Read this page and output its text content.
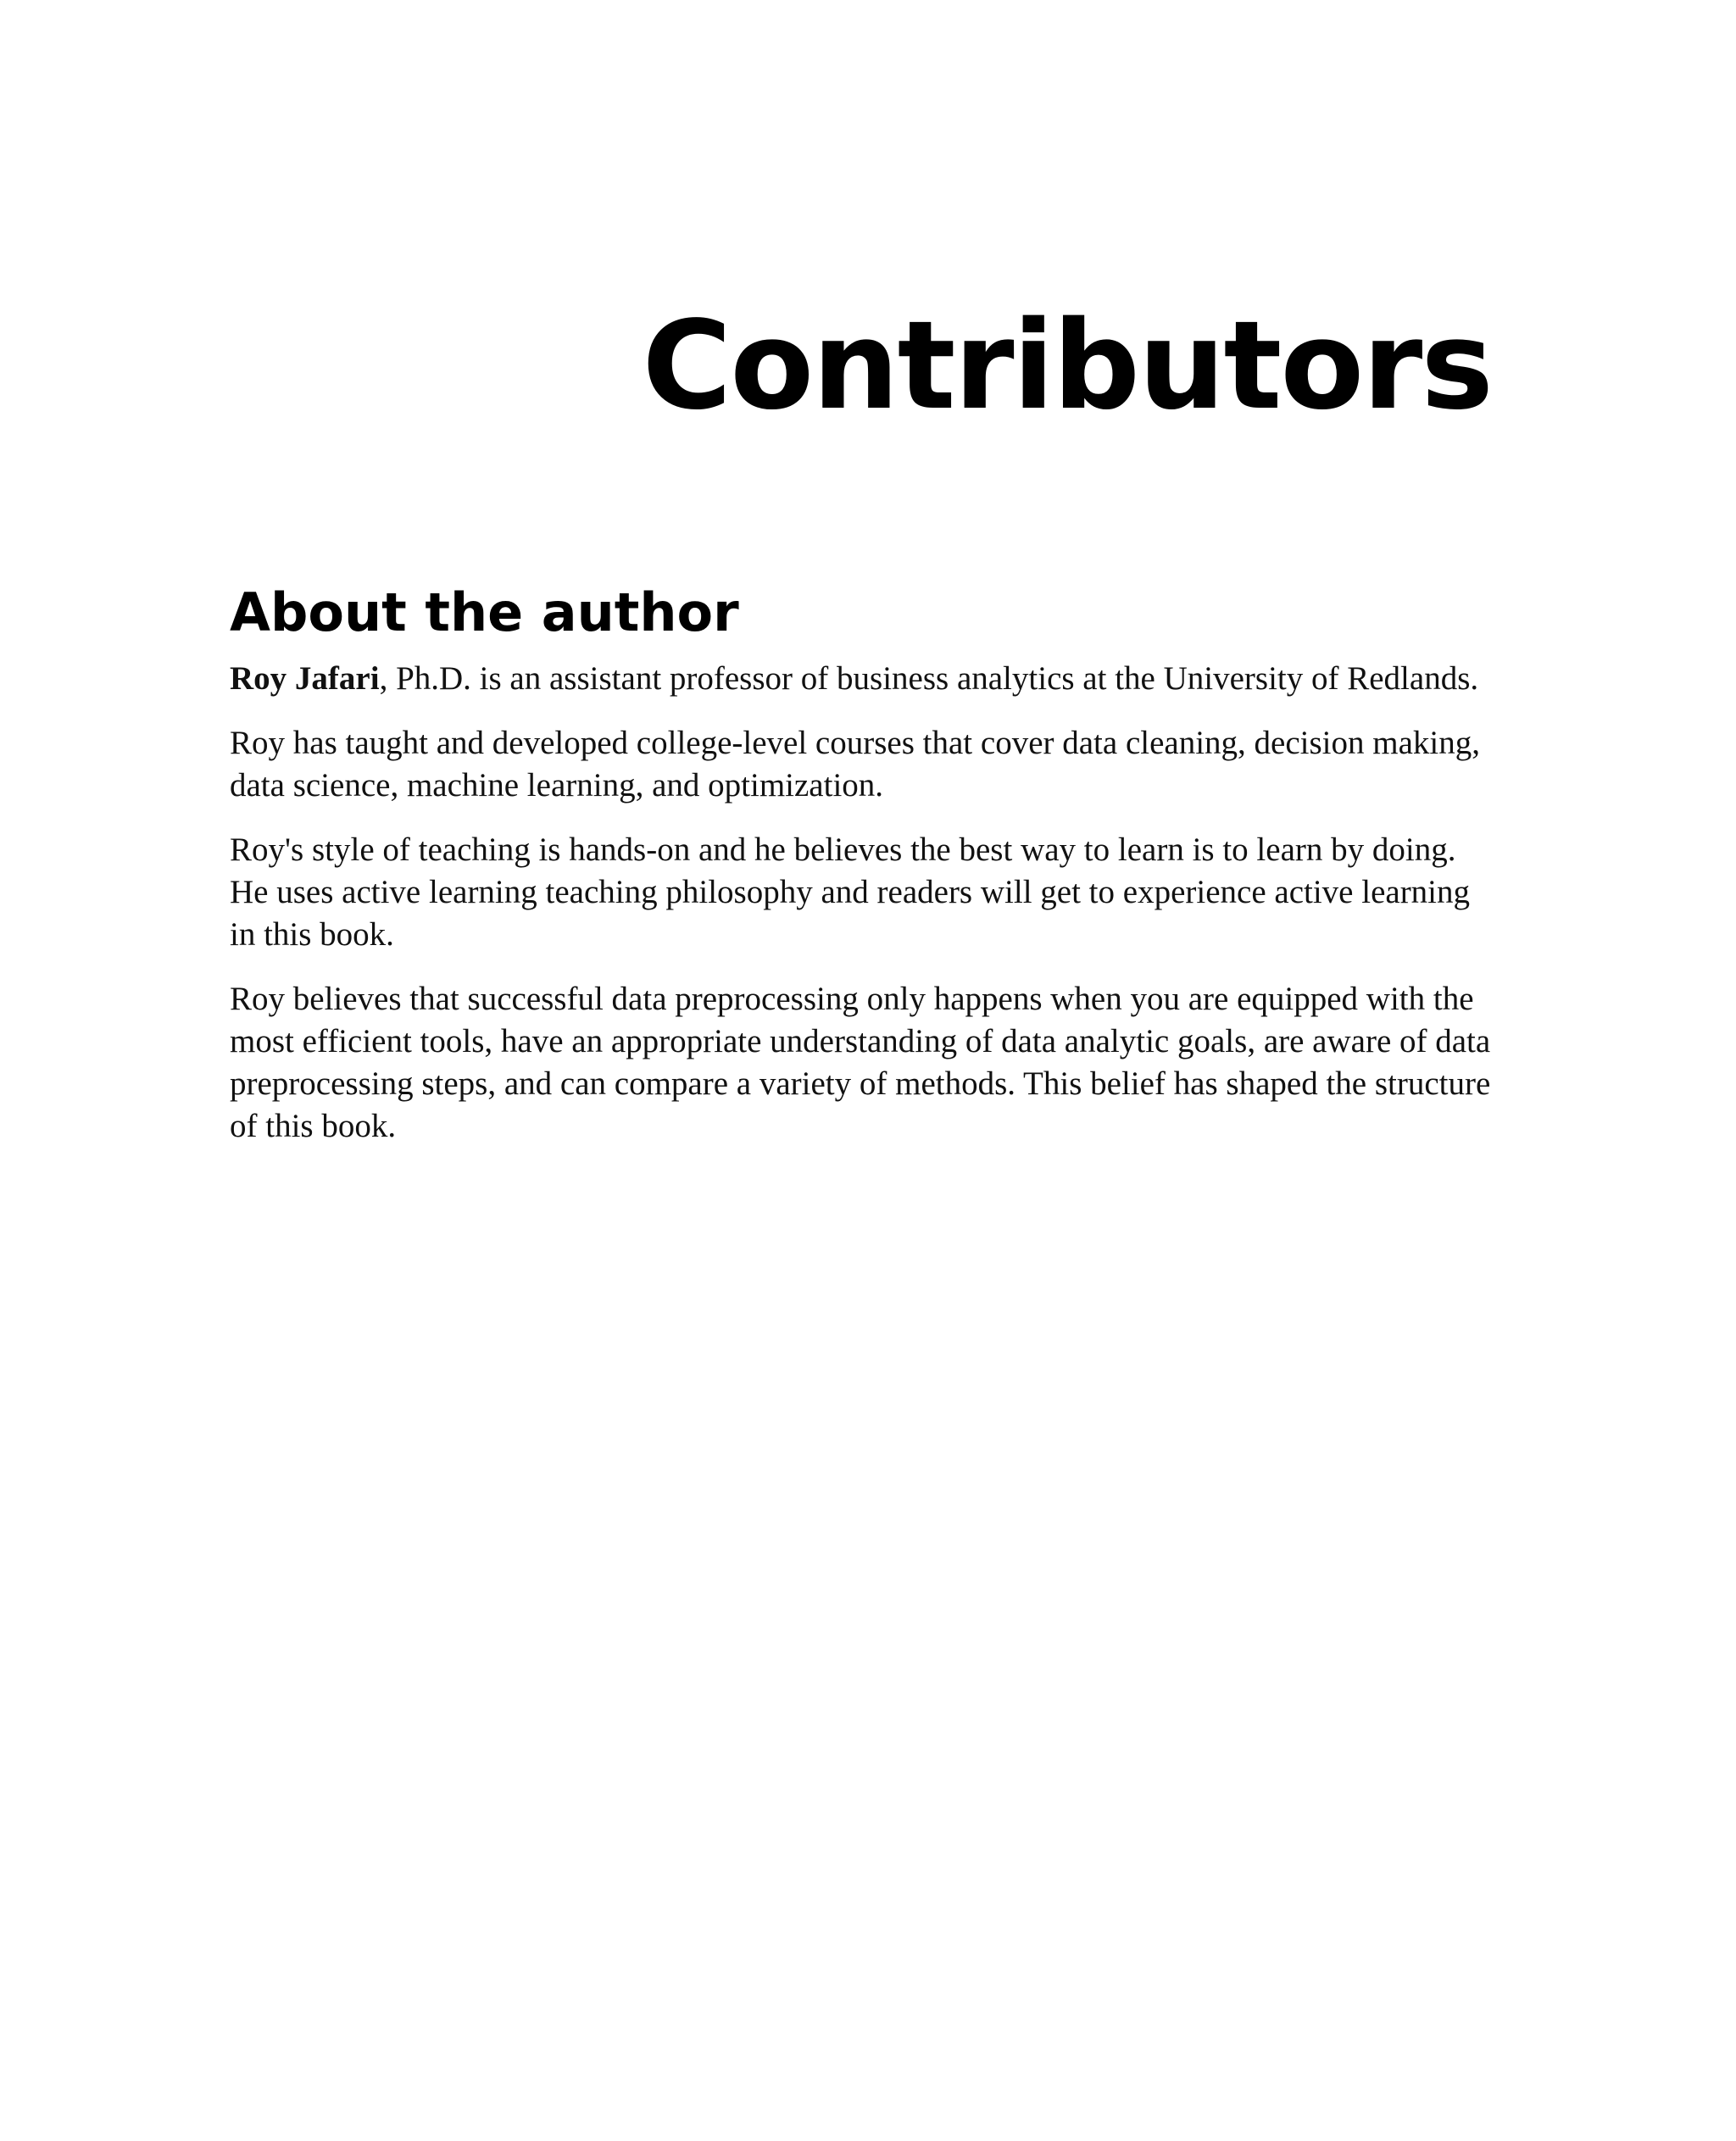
Contributors
About the author

Roy Jafari, Ph.D. is an assistant professor of business analytics at the University of Redlands.

Roy has taught and developed college-level courses that cover data cleaning, decision making, data science, machine learning, and optimization.

Roy's style of teaching is hands-on and he believes the best way to learn is to learn by doing. He uses active learning teaching philosophy and readers will get to experience active learning in this book.

Roy believes that successful data preprocessing only happens when you are equipped with the most efficient tools, have an appropriate understanding of data analytic goals, are aware of data preprocessing steps, and can compare a variety of methods. This belief has shaped the structure of this book.
